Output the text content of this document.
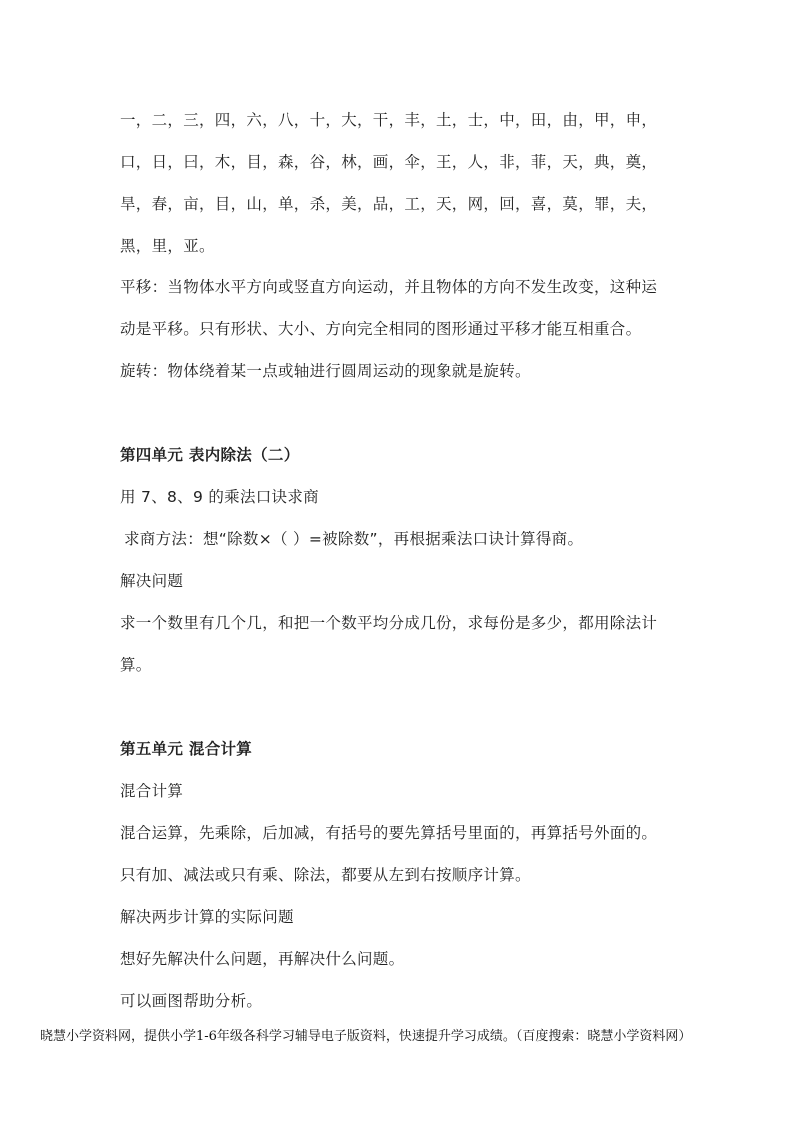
一，二，三，四，六，八，十，大，干，丰，土，士，中，田，由，甲，申，
口，日，曰，木，目，森，谷，林，画，伞，王，人，非，菲，天，典，奠，
旱，春，亩，目，山，单，杀，美，品，工，天，网，回，喜，莫，罪，夫，
黑，里，亚。
平移：当物体水平方向或竖直方向运动，并且物体的方向不发生改变，这种运
动是平移。只有形状、大小、方向完全相同的图形通过平移才能互相重合。
旋转：物体绕着某一点或轴进行圆周运动的现象就是旋转。
第四单元 表内除法（二）
用 7、8、9 的乘法口诀求商
求商方法：想“除数×（ ）=被除数”，再根据乘法口诀计算得商。
解决问题
求一个数里有几个几，和把一个数平均分成几份，求每份是多少，都用除法计
算。
第五单元 混合计算
混合计算
混合运算，先乘除，后加减，有括号的要先算括号里面的，再算括号外面的。
只有加、减法或只有乘、除法，都要从左到右按顺序计算。
解决两步计算的实际问题
想好先解决什么问题，再解决什么问题。
可以画图帮助分析。
晓慧小学资料网，提供小学1-6年级各科学习辅导电子版资料，快速提升学习成绩。（百度搜索：晓慧小学资料网）
